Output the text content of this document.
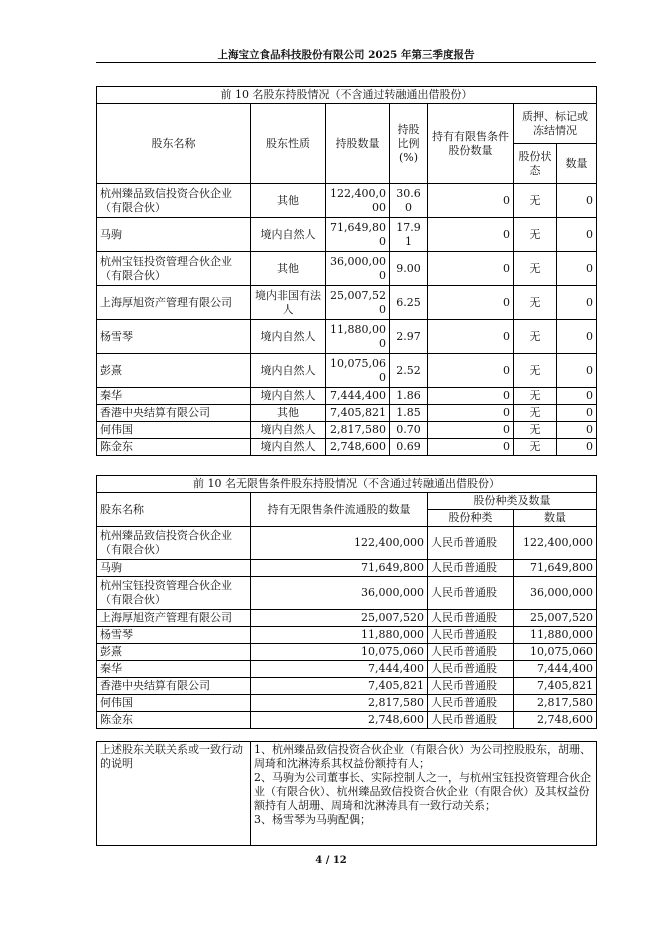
上海宝立食品科技股份有限公司 2025 年第三季度报告
前 10 名股东持股情况（不含通过转融通出借股份）						
股东名称	股东性质	持股数量	持股比例(%)	持有有限售条件股份数量	质押、标记或冻结情况	
					股份状态	数量
杭州臻品致信投资合伙企业（有限合伙）	其他	122,400,000	30.60	0	无	0
马驹	境内自然人	71,649,800	17.91	0	无	0
杭州宝钰投资管理合伙企业（有限合伙）	其他	36,000,000	9.00	0	无	0
上海厚旭资产管理有限公司	境内非国有法人	25,007,520	6.25	0	无	0
杨雪琴	境内自然人	11,880,000	2.97	0	无	0
彭熹	境内自然人	10,075,060	2.52	0	无	0
秦华	境内自然人	7,444,400	1.86	0	无	0
香港中央结算有限公司	其他	7,405,821	1.85	0	无	0
何伟国	境内自然人	2,817,580	0.70	0	无	0
陈金东	境内自然人	2,748,600	0.69	0	无	0
前 10 名无限售条件股东持股情况（不含通过转融通出借股份）			
股东名称	持有无限售条件流通股的数量	股份种类及数量	
		股份种类	数量
杭州臻品致信投资合伙企业（有限合伙）	122,400,000	人民币普通股	122,400,000
马驹	71,649,800	人民币普通股	71,649,800
杭州宝钰投资管理合伙企业（有限合伙）	36,000,000	人民币普通股	36,000,000
上海厚旭资产管理有限公司	25,007,520	人民币普通股	25,007,520
杨雪琴	11,880,000	人民币普通股	11,880,000
彭熹	10,075,060	人民币普通股	10,075,060
秦华	7,444,400	人民币普通股	7,444,400
香港中央结算有限公司	7,405,821	人民币普通股	7,405,821
何伟国	2,817,580	人民币普通股	2,817,580
陈金东	2,748,600	人民币普通股	2,748,600
上述股东关联关系或一致行动的说明	
1、杭州臻品致信投资合伙企业（有限合伙）为公司控股股东，胡珊、周琦和沈淋涛系其权益份额持有人；
2、马驹为公司董事长、实际控制人之一，与杭州宝钰投资管理合伙企业（有限合伙）、杭州臻品致信投资合伙企业（有限合伙）及其权益份额持有人胡珊、周琦和沈淋涛具有一致行动关系；
3、杨雪琴为马驹配偶；
4 / 12
